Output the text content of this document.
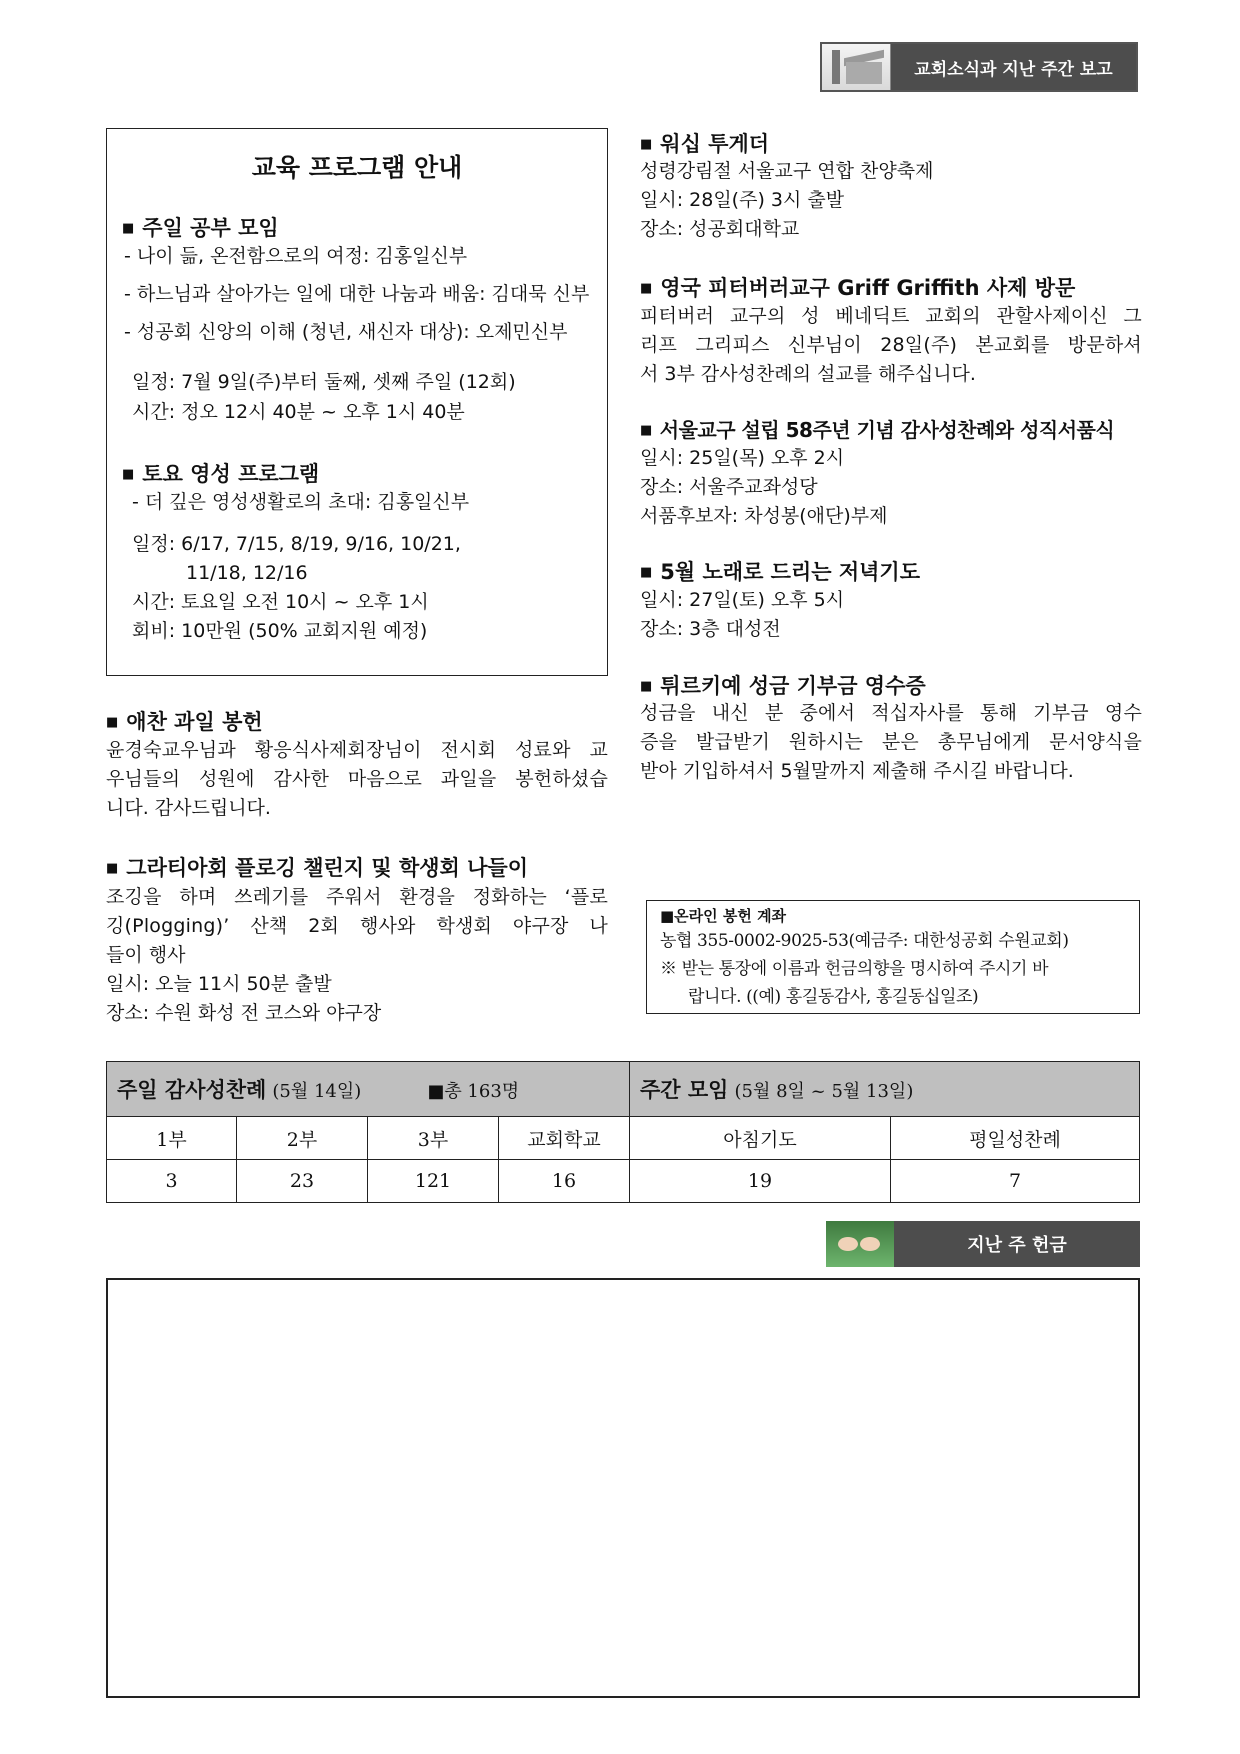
교회소식과 지난 주간 보고
교육 프로그램 안내
■ 주일 공부 모임
- 나이 듦, 온전함으로의 여정: 김홍일신부
- 하느님과 살아가는 일에 대한 나눔과 배움: 김대묵 신부
- 성공회 신앙의 이해 (청년, 새신자 대상): 오제민신부
일정: 7월 9일(주)부터 둘째, 셋째 주일 (12회)
시간: 정오 12시 40분 ~ 오후 1시 40분
■ 토요 영성 프로그램
- 더 깊은 영성생활로의 초대: 김홍일신부
일정: 6/17, 7/15, 8/19, 9/16, 10/21,
11/18, 12/16
시간: 토요일 오전 10시 ~ 오후 1시
회비: 10만원 (50% 교회지원 예정)
■ 애찬 과일 봉헌
윤경숙교우님과 황응식사제회장님이 전시회 성료와 교
우님들의 성원에 감사한 마음으로 과일을 봉헌하셨습
니다. 감사드립니다.
■ 그라티아회 플로깅 챌린지 및 학생회 나들이
조깅을 하며 쓰레기를 주워서 환경을 정화하는 ‘플로
깅(Plogging)’ 산책 2회 행사와 학생회 야구장 나
들이 행사
일시: 오늘 11시 50분 출발
장소: 수원 화성 전 코스와 야구장
■ 워십 투게더
성령강림절 서울교구 연합 찬양축제
일시: 28일(주) 3시 출발
장소: 성공회대학교
■ 영국 피터버러교구 Griff Griffith 사제 방문
피터버러 교구의 성 베네딕트 교회의 관할사제이신 그
리프 그리피스 신부님이 28일(주) 본교회를 방문하셔
서 3부 감사성찬례의 설교를 해주십니다.
■ 서울교구 설립 58주년 기념 감사성찬례와 성직서품식
일시: 25일(목) 오후 2시
장소: 서울주교좌성당
서품후보자: 차성봉(애단)부제
■ 5월 노래로 드리는 저녁기도
일시: 27일(토) 오후 5시
장소: 3층 대성전
■ 튀르키예 성금 기부금 영수증
성금을 내신 분 중에서 적십자사를 통해 기부금 영수
증을 발급받기 원하시는 분은 총무님에게 문서양식을
받아 기입하셔서 5월말까지 제출해 주시길 바랍니다.
■온라인 봉헌 계좌
농협 355-0002-9025-53(예금주: 대한성공회 수원교회)
※ 받는 통장에 이름과 헌금의향을 명시하여 주시기 바
랍니다. ((예) 홍길동감사, 홍길동십일조)
주일 감사성찬례 (5월 14일) ■총 163명				주간 모임 (5월 8일 ~ 5월 13일)	
1부	2부	3부	교회학교	아침기도	평일성찬례
3	23	121	16	19	7
지난 주 헌금
